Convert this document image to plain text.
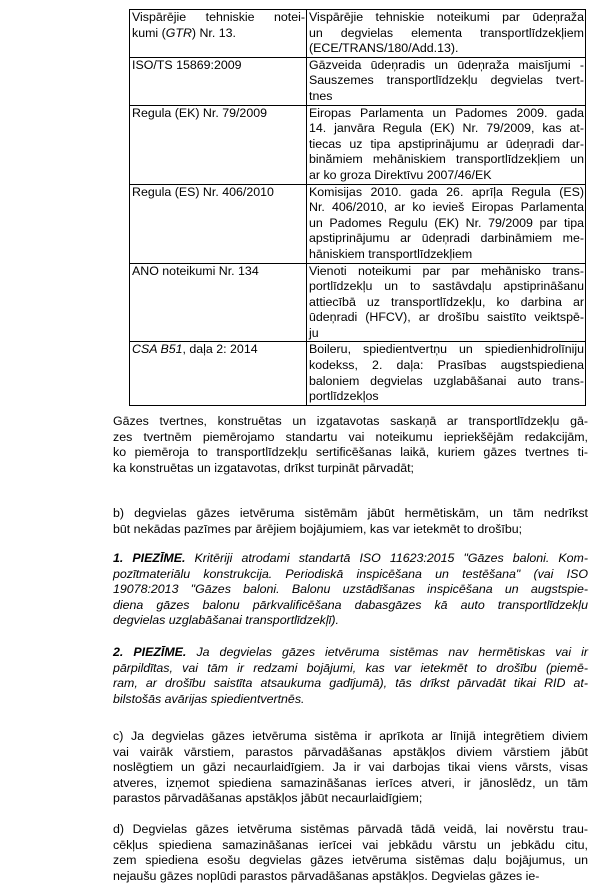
Vispārējie tehniskie notei-
kumi (GTR) Nr. 13.	Vispārējie tehniskie noteikumi par ūdeņraža
un degvielas elementa transportlīdzekļiem
(ECE/TRANS/180/Add.13).

ISO/TS 15869:2009	Gāzveida ūdeņradis un ūdeņraža maisījumi -
Sauszemes transportlīdzekļu degvielas tvert-
tnes

Regula (EK) Nr. 79/2009	Eiropas Parlamenta un Padomes 2009. gada
14. janvāra Regula (EK) Nr. 79/2009, kas at-
tiecas uz tipa apstiprinājumu ar ūdeņradi dar-
binămiem mehāniskiem transportlīdzekļiem un
ar ko groza Direktīvu 2007/46/EK

Regula (ES) Nr. 406/2010	Komisijas 2010. gada 26. aprīļa Regula (ES)
Nr. 406/2010, ar ko ievieš Eiropas Parlamenta
un Padomes Regulu (EK) Nr. 79/2009 par tipa
apstiprinājumu ar ūdeņradi darbināmiem me-
hāniskiem transportlīdzekļiem

ANO noteikumi Nr. 134	Vienoti noteikumi par par mehānisko trans-
portlīdzekļu un to sastāvdaļu apstiprināšanu
attiecībā uz transportlīdzekļu, ko darbina ar
ūdeņradi (HFCV), ar drošību saistīto veiktspē-
ju

CSA B51, daļa 2: 2014	Boileru, spiedientvertņu un spiedienhidrolīniju
kodekss, 2. daļa: Prasības augstspiediena
baloniem degvielas uzglabāšanai auto trans-
portlīdzekļos
Gāzes tvertnes, konstruētas un izgatavotas saskaņā ar transportlīdzekļu gā-
zes tvertnēm piemērojamo standartu vai noteikumu iepriekšējām redakcijām,
ko piemēroja to transportlīdzekļu sertificēšanas laikā, kuriem gāzes tvertnes ti-
ka konstruētas un izgatavotas, drīkst turpināt pārvadāt;
b) degvielas gāzes ietvēruma sistēmām jābūt hermētiskām, un tām nedrīkst
būt nekādas pazīmes par ārējiem bojājumiem, kas var ietekmēt to drošību;
1. PIEZĪME. Kritēriji atrodami standartā ISO 11623:2015 "Gāzes baloni. Kom-
pozītmateriālu konstrukcija. Periodiskā inspicēšana un testēšana" (vai ISO
19078:2013 "Gāzes baloni. Balonu uzstādīšanas inspicēšana un augstspie-
diena gāzes balonu pārkvalificēšana dabasgāzes kā auto transportlīdzekļu
degvielas uzglabāšanai transportlīdzekļī).
2. PIEZĪME. Ja degvielas gāzes ietvēruma sistēmas nav hermētiskas vai ir
pārpildītas, vai tām ir redzami bojājumi, kas var ietekmēt to drošību (piemē-
ram, ar drošību saistīta atsaukuma gadījumā), tās drīkst pārvadāt tikai RID at-
bilstošās avārijas spiedientvertnēs.
c) Ja degvielas gāzes ietvēruma sistēma ir aprīkota ar līnijā integrētiem diviem
vai vairāk vārstiem, parastos pārvadāšanas apstākļos diviem vārstiem jābūt
noslēgtiem un gāzi necaurlaidīgiem. Ja ir vai darbojas tikai viens vārsts, visas
atveres, izņemot spiediena samazināšanas ierīces atveri, ir jānoslēdz, un tām
parastos pārvadāšanas apstākļos jābūt necaurlaidīgiem;
d) Degvielas gāzes ietvēruma sistēmas pārvadā tādā veidā, lai novērstu trau-
cēkļus spiediena samazināšanas ierīcei vai jebkādu vārstu un jebkādu citu,
zem spiediena esošu degvielas gāzes ietvēruma sistēmas daļu bojājumus, un
nejaušu gāzes noplūdi parastos pārvadāšanas apstākļos. Degvielas gāzes ie-
